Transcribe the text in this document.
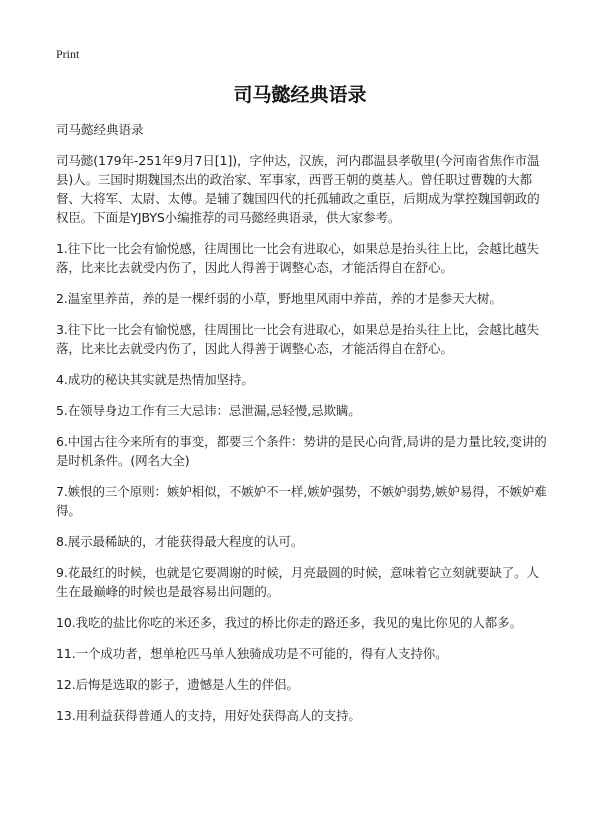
Print
司马懿经典语录

司马懿经典语录

司马懿(179年-251年9月7日[1])，字仲达，汉族，河内郡温县孝敬里(今河南省焦作市温县)人。三国时期魏国杰出的政治家、军事家，西晋王朝的奠基人。曾任职过曹魏的大都督、大将军、太尉、太傅。是辅了魏国四代的托孤辅政之重臣，后期成为掌控魏国朝政的权臣。下面是YJBYS小编推荐的司马懿经典语录，供大家参考。

1.往下比一比会有愉悦感，往周围比一比会有进取心，如果总是抬头往上比，会越比越失落，比来比去就受内伤了，因此人得善于调整心态，才能活得自在舒心。

2.温室里养苗，养的是一棵纤弱的小草，野地里风雨中养苗，养的才是参天大树。

3.往下比一比会有愉悦感，往周围比一比会有进取心，如果总是抬头往上比，会越比越失落，比来比去就受内伤了，因此人得善于调整心态，才能活得自在舒心。

4.成功的秘诀其实就是热情加坚持。

5.在领导身边工作有三大忌讳：忌泄漏,忌轻慢,忌欺瞒。

6.中国古往今来所有的事变，都要三个条件：势讲的是民心向背,局讲的是力量比较,变讲的是时机条件。(网名大全)

7.嫉恨的三个原则：嫉妒相似，不嫉妒不一样,嫉妒强势，不嫉妒弱势,嫉妒易得，不嫉妒难得。

8.展示最稀缺的，才能获得最大程度的认可。

9.花最红的时候，也就是它要凋谢的时候，月亮最圆的时候，意味着它立刻就要缺了。人生在最巅峰的时候也是最容易出问题的。

10.我吃的盐比你吃的米还多，我过的桥比你走的路还多，我见的鬼比你见的人都多。

11.一个成功者，想单枪匹马单人独骑成功是不可能的，得有人支持你。

12.后悔是选取的影子，遗憾是人生的伴侣。

13.用利益获得普通人的支持，用好处获得高人的支持。
